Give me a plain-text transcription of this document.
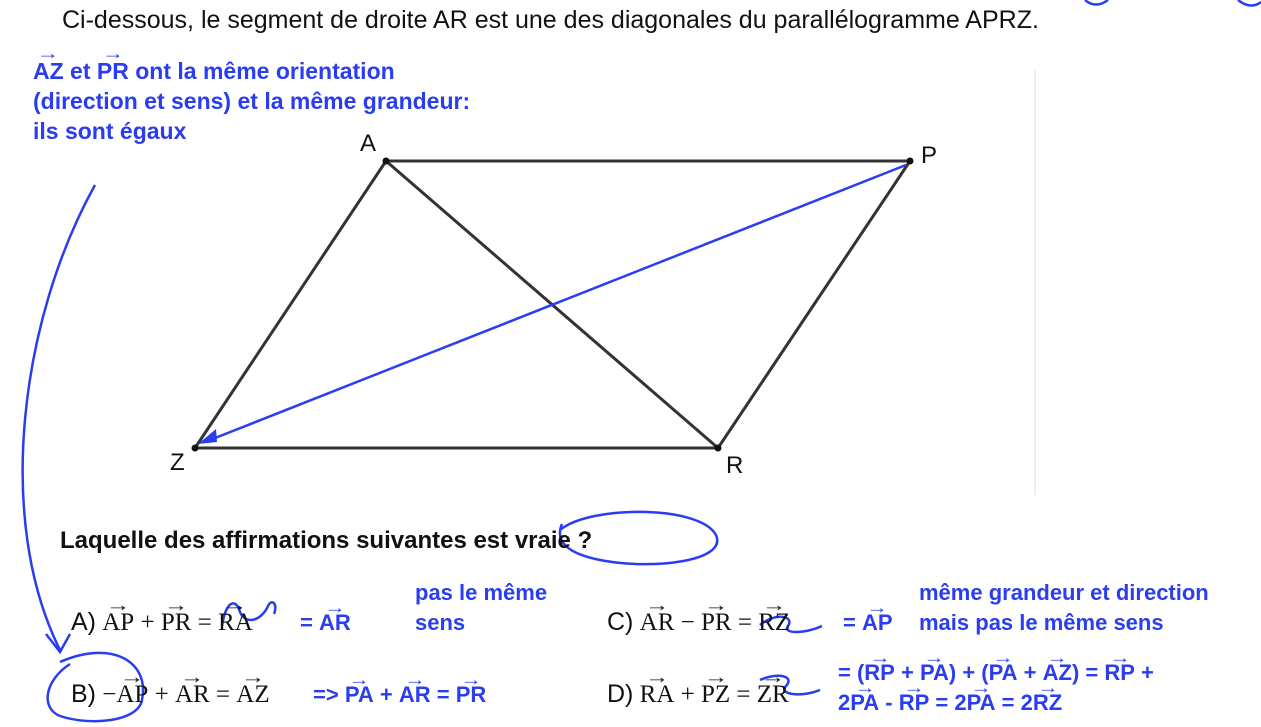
Ci-dessous, le segment de droite AR est une des diagonales du parallélogramme APRZ.
→ AZ et → PR ont la même orientation
(direction et sens) et la même grandeur:
ils sont égaux	A	P
Z	R
Laquelle des affirmations suivantes est vraie ?
A) → AP + → PR = → RA = → AR
pas le même
sens	C) → AR − → PR = → RZ = → AP
même grandeur et direction
mais pas le même sens
B) −→ AP + → AR = → AZ => → PA + → AR = → PR	D) → RA + → PZ = → ZR
= (→ RP + → PA) + (→ PA + → AZ) = → RP +
2→ PA - → RP = 2→ PA = 2→ RZ
